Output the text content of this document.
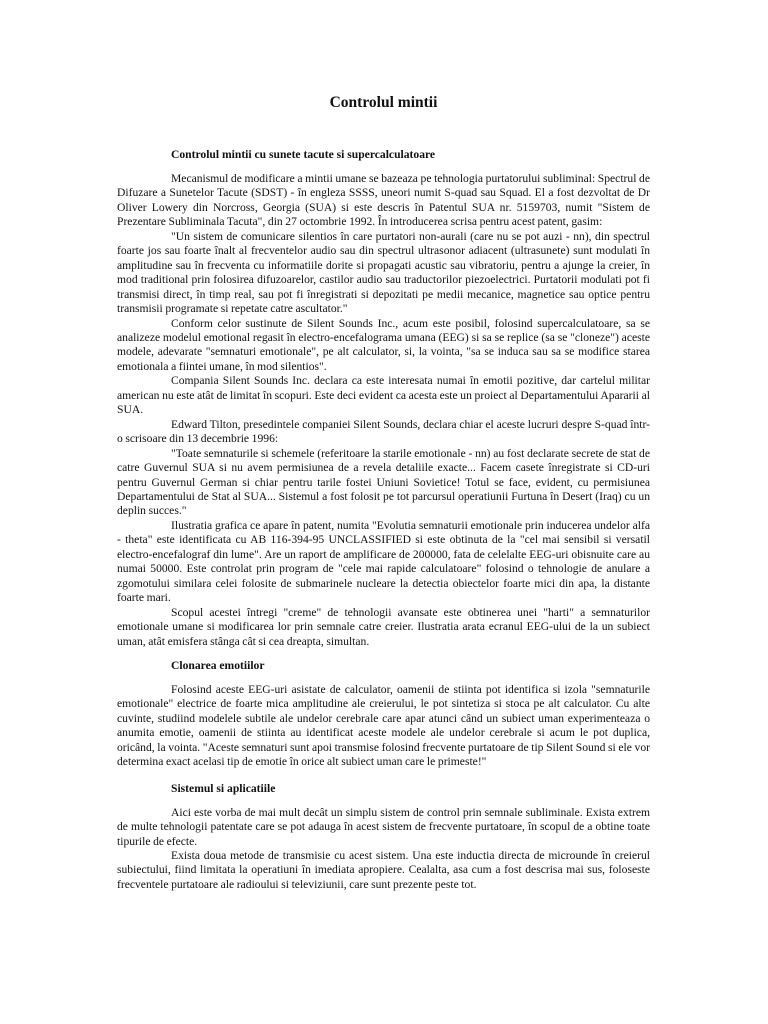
Controlul mintii
Controlul mintii cu sunete tacute si supercalculatoare

Mecanismul de modificare a mintii umane se bazeaza pe tehnologia purtatorului subliminal: Spectrul de Difuzare a Sunetelor Tacute (SDST) - în engleza SSSS, uneori numit S-quad sau Squad. El a fost dezvoltat de Dr Oliver Lowery din Norcross, Georgia (SUA) si este descris în Patentul SUA nr. 5159703, numit "Sistem de Prezentare Subliminala Tacuta", din 27 octombrie 1992. În introducerea scrisa pentru acest patent, gasim:

"Un sistem de comunicare silentios în care purtatori non-aurali (care nu se pot auzi - nn), din spectrul foarte jos sau foarte înalt al frecventelor audio sau din spectrul ultrasonor adiacent (ultrasunete) sunt modulati în amplitudine sau în frecventa cu informatiile dorite si propagati acustic sau vibratoriu, pentru a ajunge la creier, în mod traditional prin folosirea difuzoarelor, castilor audio sau traductorilor piezoelectrici. Purtatorii modulati pot fi transmisi direct, în timp real, sau pot fi înregistrati si depozitati pe medii mecanice, magnetice sau optice pentru transmisii programate si repetate catre ascultator."

Conform celor sustinute de Silent Sounds Inc., acum este posibil, folosind supercalculatoare, sa se analizeze modelul emotional regasit în electro-encefalograma umana (EEG) si sa se replice (sa se "cloneze") aceste modele, adevarate "semnaturi emotionale", pe alt calculator, si, la vointa, "sa se induca sau sa se modifice starea emotionala a fiintei umane, în mod silentios".

Compania Silent Sounds Inc. declara ca este interesata numai în emotii pozitive, dar cartelul militar american nu este atât de limitat în scopuri. Este deci evident ca acesta este un proiect al Departamentului Apararii al SUA.

Edward Tilton, presedintele companiei Silent Sounds, declara chiar el aceste lucruri despre S-quad într-o scrisoare din 13 decembrie 1996:

"Toate semnaturile si schemele (referitoare la starile emotionale - nn) au fost declarate secrete de stat de catre Guvernul SUA si nu avem permisiunea de a revela detaliile exacte... Facem casete înregistrate si CD-uri pentru Guvernul German si chiar pentru tarile fostei Uniuni Sovietice! Totul se face, evident, cu permisiunea Departamentului de Stat al SUA... Sistemul a fost folosit pe tot parcursul operatiunii Furtuna în Desert (Iraq) cu un deplin succes."

Ilustratia grafica ce apare în patent, numita "Evolutia semnaturii emotionale prin inducerea undelor alfa - theta" este identificata cu AB 116-394-95 UNCLASSIFIED si este obtinuta de la "cel mai sensibil si versatil electro-encefalograf din lume". Are un raport de amplificare de 200000, fata de celelalte EEG-uri obisnuite care au numai 50000. Este controlat prin program de "cele mai rapide calculatoare" folosind o tehnologie de anulare a zgomotului similara celei folosite de submarinele nucleare la detectia obiectelor foarte mici din apa, la distante foarte mari.

Scopul acestei întregi "creme" de tehnologii avansate este obtinerea unei "harti" a semnaturilor emotionale umane si modificarea lor prin semnale catre creier. Ilustratia arata ecranul EEG-ului de la un subiect uman, atât emisfera stânga cât si cea dreapta, simultan.

Clonarea emotiilor

Folosind aceste EEG-uri asistate de calculator, oamenii de stiinta pot identifica si izola "semnaturile emotionale" electrice de foarte mica amplitudine ale creierului, le pot sintetiza si stoca pe alt calculator. Cu alte cuvinte, studiind modelele subtile ale undelor cerebrale care apar atunci când un subiect uman experimenteaza o anumita emotie, oamenii de stiinta au identificat aceste modele ale undelor cerebrale si acum le pot duplica, oricând, la vointa. "Aceste semnaturi sunt apoi transmise folosind frecvente purtatoare de tip Silent Sound si ele vor determina exact acelasi tip de emotie în orice alt subiect uman care le primeste!"

Sistemul si aplicatiile

Aici este vorba de mai mult decât un simplu sistem de control prin semnale subliminale. Exista extrem de multe tehnologii patentate care se pot adauga în acest sistem de frecvente purtatoare, în scopul de a obtine toate tipurile de efecte.

Exista doua metode de transmisie cu acest sistem. Una este inductia directa de microunde în creierul subiectului, fiind limitata la operatiuni în imediata apropiere. Cealalta, asa cum a fost descrisa mai sus, foloseste frecventele purtatoare ale radioului si televiziunii, care sunt prezente peste tot.
